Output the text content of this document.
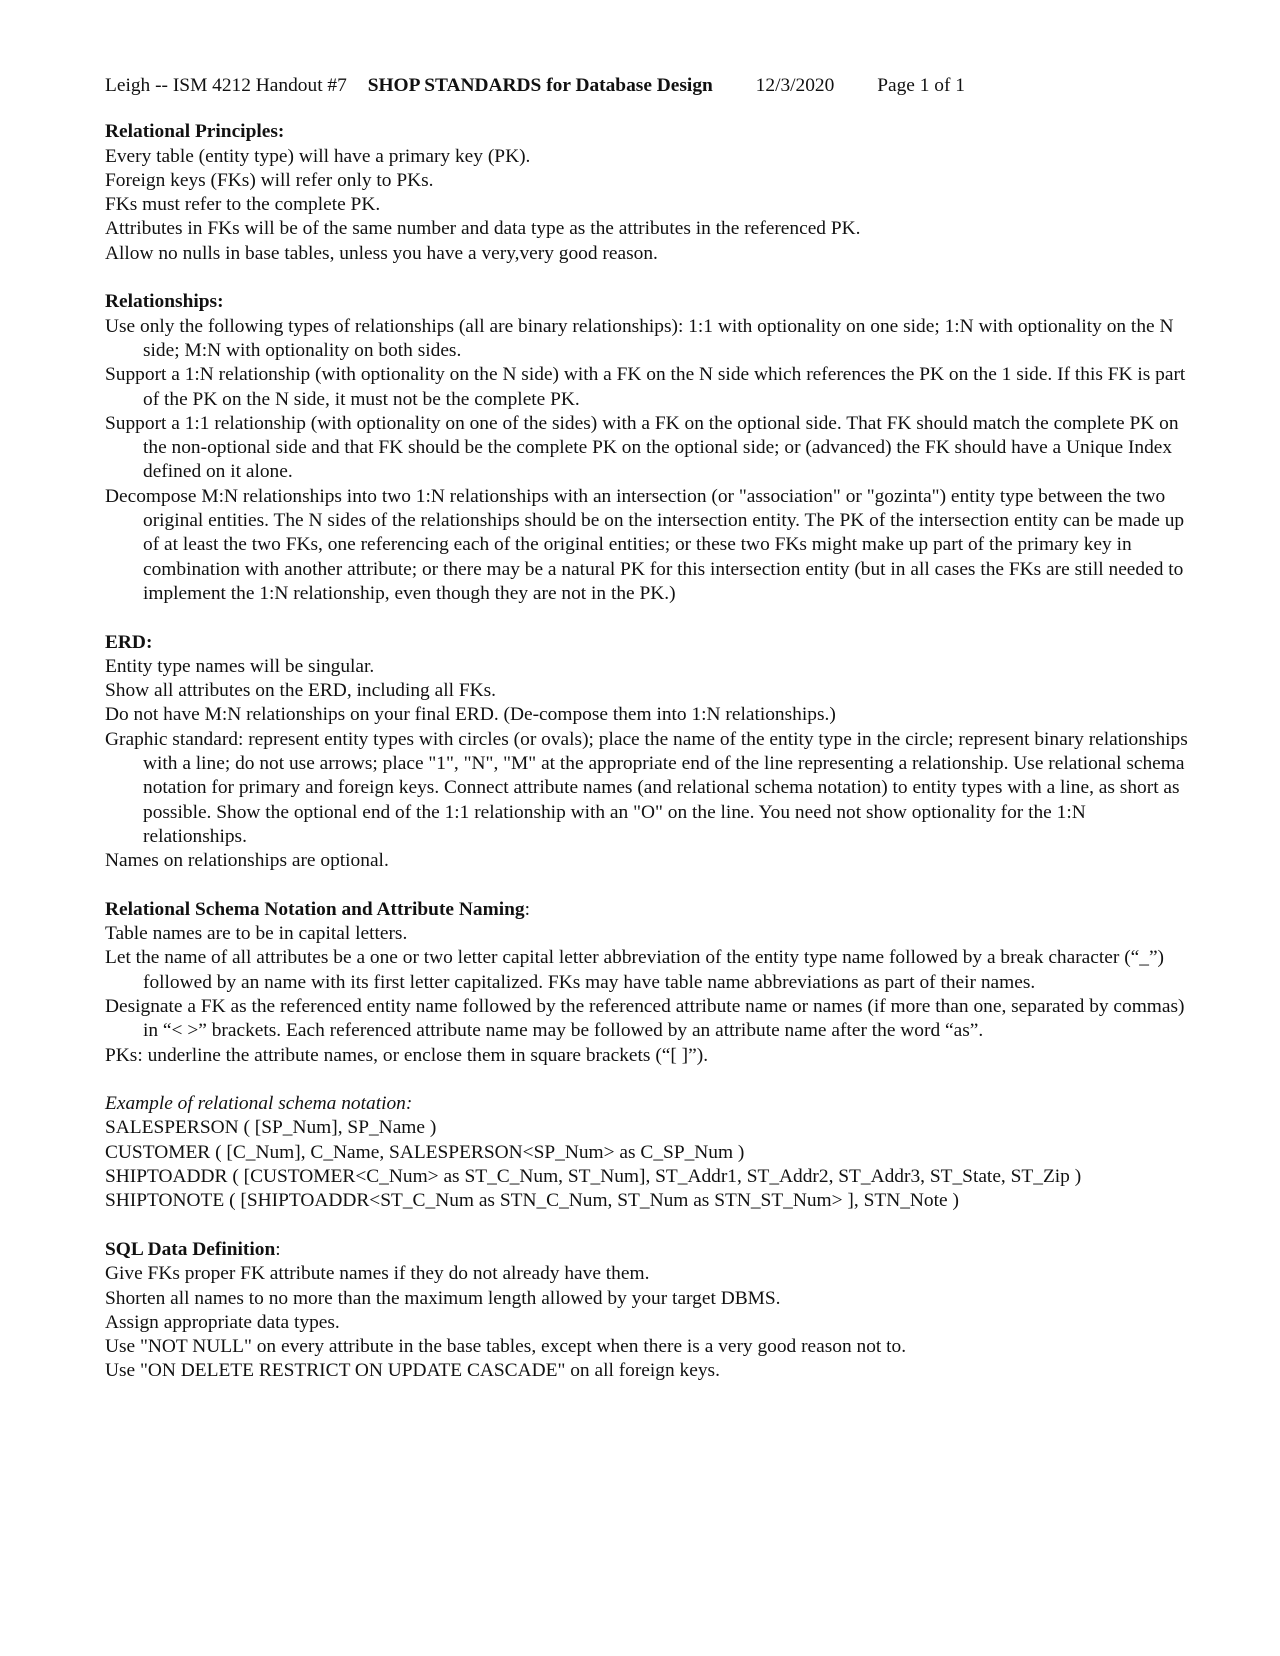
Leigh -- ISM 4212 Handout #7 SHOP STANDARDS for Database Design 12/3/2020 Page 1 of 1
Relational Principles:
Every table (entity type) will have a primary key (PK).
Foreign keys (FKs) will refer only to PKs.
FKs must refer to the complete PK.
Attributes in FKs will be of the same number and data type as the attributes in the referenced PK.
Allow no nulls in base tables, unless you have a very,very good reason.
Relationships:
Use only the following types of relationships (all are binary relationships): 1:1 with optionality on one side; 1:N with optionality on the N side; M:N with optionality on both sides.
Support a 1:N relationship (with optionality on the N side) with a FK on the N side which references the PK on the 1 side. If this FK is part of the PK on the N side, it must not be the complete PK.
Support a 1:1 relationship (with optionality on one of the sides) with a FK on the optional side. That FK should match the complete PK on the non-optional side and that FK should be the complete PK on the optional side; or (advanced) the FK should have a Unique Index defined on it alone.
Decompose M:N relationships into two 1:N relationships with an intersection (or "association" or "gozinta") entity type between the two original entities. The N sides of the relationships should be on the intersection entity. The PK of the intersection entity can be made up of at least the two FKs, one referencing each of the original entities; or these two FKs might make up part of the primary key in combination with another attribute; or there may be a natural PK for this intersection entity (but in all cases the FKs are still needed to implement the 1:N relationship, even though they are not in the PK.)
ERD:
Entity type names will be singular.
Show all attributes on the ERD, including all FKs.
Do not have M:N relationships on your final ERD. (De-compose them into 1:N relationships.)
Graphic standard: represent entity types with circles (or ovals); place the name of the entity type in the circle; represent binary relationships with a line; do not use arrows; place "1", "N", "M" at the appropriate end of the line representing a relationship. Use relational schema notation for primary and foreign keys. Connect attribute names (and relational schema notation) to entity types with a line, as short as possible. Show the optional end of the 1:1 relationship with an "O" on the line. You need not show optionality for the 1:N relationships.
Names on relationships are optional.
Relational Schema Notation and Attribute Naming:
Table names are to be in capital letters.
Let the name of all attributes be a one or two letter capital letter abbreviation of the entity type name followed by a break character (“_”) followed by an name with its first letter capitalized. FKs may have table name abbreviations as part of their names.
Designate a FK as the referenced entity name followed by the referenced attribute name or names (if more than one, separated by commas) in “< >” brackets. Each referenced attribute name may be followed by an attribute name after the word “as”.
PKs: underline the attribute names, or enclose them in square brackets (“[ ]”).
Example of relational schema notation:
SALESPERSON ( [SP_Num], SP_Name )
CUSTOMER ( [C_Num], C_Name, SALESPERSON<SP_Num> as C_SP_Num )
SHIPTOADDR ( [CUSTOMER<C_Num> as ST_C_Num, ST_Num], ST_Addr1, ST_Addr2, ST_Addr3, ST_State, ST_Zip )
SHIPTONOTE ( [SHIPTOADDR<ST_C_Num as STN_C_Num, ST_Num as STN_ST_Num> ], STN_Note )
SQL Data Definition:
Give FKs proper FK attribute names if they do not already have them.
Shorten all names to no more than the maximum length allowed by your target DBMS.
Assign appropriate data types.
Use "NOT NULL" on every attribute in the base tables, except when there is a very good reason not to.
Use "ON DELETE RESTRICT ON UPDATE CASCADE" on all foreign keys.
